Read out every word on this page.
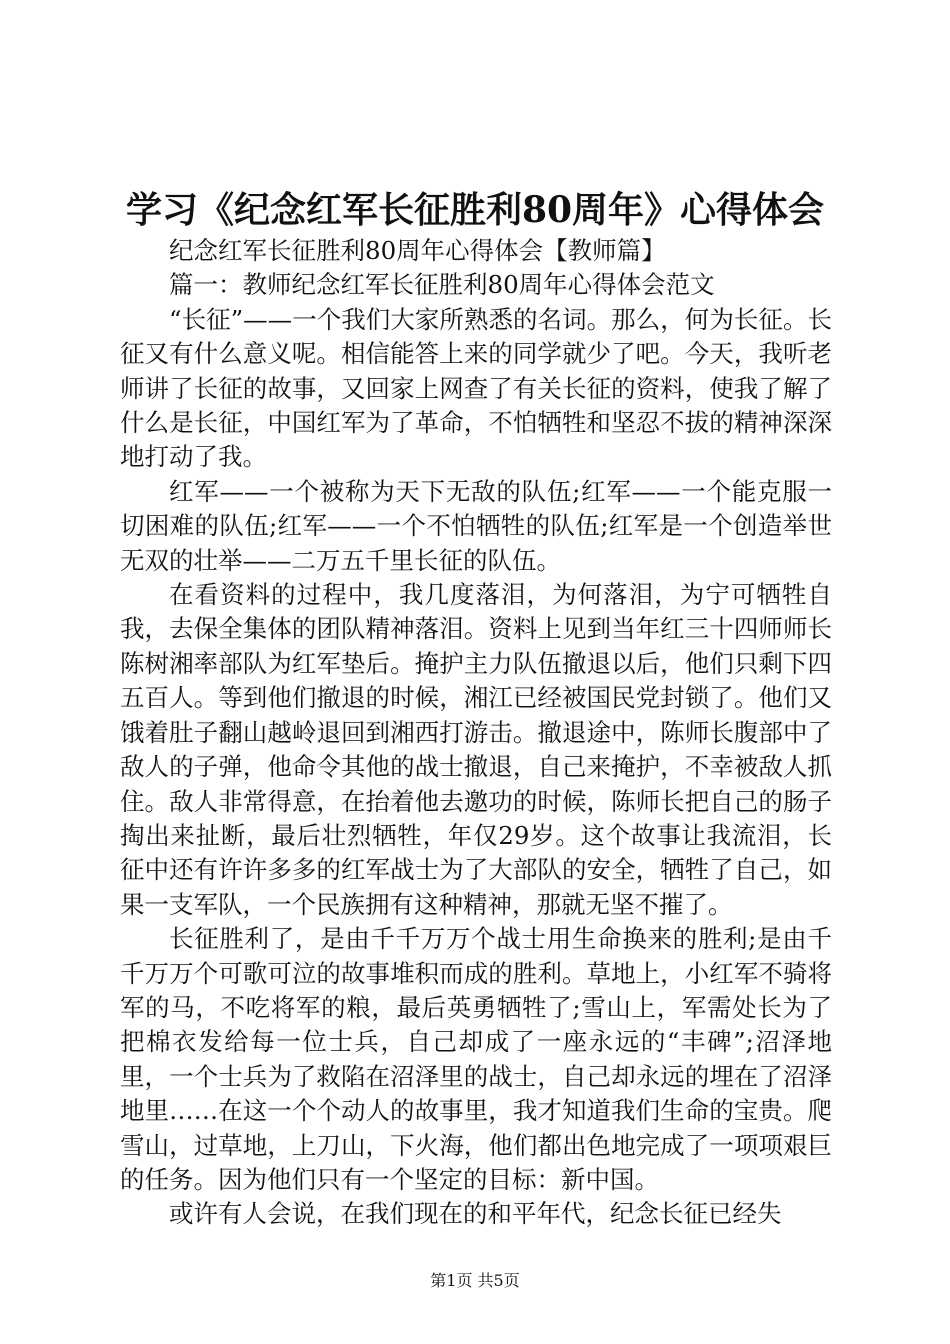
学习《纪念红军长征胜利80周年》心得体会

纪念红军长征胜利80周年心得体会【教师篇】

篇一：教师纪念红军长征胜利80周年心得体会范文

“长征”——一个我们大家所熟悉的名词。那么，何为长征。长征又有什么意义呢。相信能答上来的同学就少了吧。今天，我听老师讲了长征的故事，又回家上网查了有关长征的资料，使我了解了什么是长征，中国红军为了革命，不怕牺牲和坚忍不拔的精神深深地打动了我。

红军——一个被称为天下无敌的队伍;红军——一个能克服一切困难的队伍;红军——一个不怕牺牲的队伍;红军是一个创造举世无双的壮举——二万五千里长征的队伍。

在看资料的过程中，我几度落泪，为何落泪，为宁可牺牲自我，去保全集体的团队精神落泪。资料上见到当年红三十四师师长陈树湘率部队为红军垫后。掩护主力队伍撤退以后，他们只剩下四五百人。等到他们撤退的时候，湘江已经被国民党封锁了。他们又饿着肚子翻山越岭退回到湘西打游击。撤退途中，陈师长腹部中了敌人的子弹，他命令其他的战士撤退，自己来掩护，不幸被敌人抓住。敌人非常得意，在抬着他去邀功的时候，陈师长把自己的肠子掏出来扯断，最后壮烈牺牲，年仅29岁。这个故事让我流泪，长征中还有许许多多的红军战士为了大部队的安全，牺牲了自己，如果一支军队，一个民族拥有这种精神，那就无坚不摧了。

长征胜利了，是由千千万万个战士用生命换来的胜利;是由千千万万个可歌可泣的故事堆积而成的胜利。草地上，小红军不骑将军的马，不吃将军的粮，最后英勇牺牲了;雪山上，军需处长为了把棉衣发给每一位士兵，自己却成了一座永远的“丰碑”;沼泽地里，一个士兵为了救陷在沼泽里的战士，自己却永远的埋在了沼泽地里……在这一个个动人的故事里，我才知道我们生命的宝贵。爬雪山，过草地，上刀山，下火海，他们都出色地完成了一项项艰巨的任务。因为他们只有一个坚定的目标：新中国。

或许有人会说，在我们现在的和平年代，纪念长征已经失

第1页 共5页
